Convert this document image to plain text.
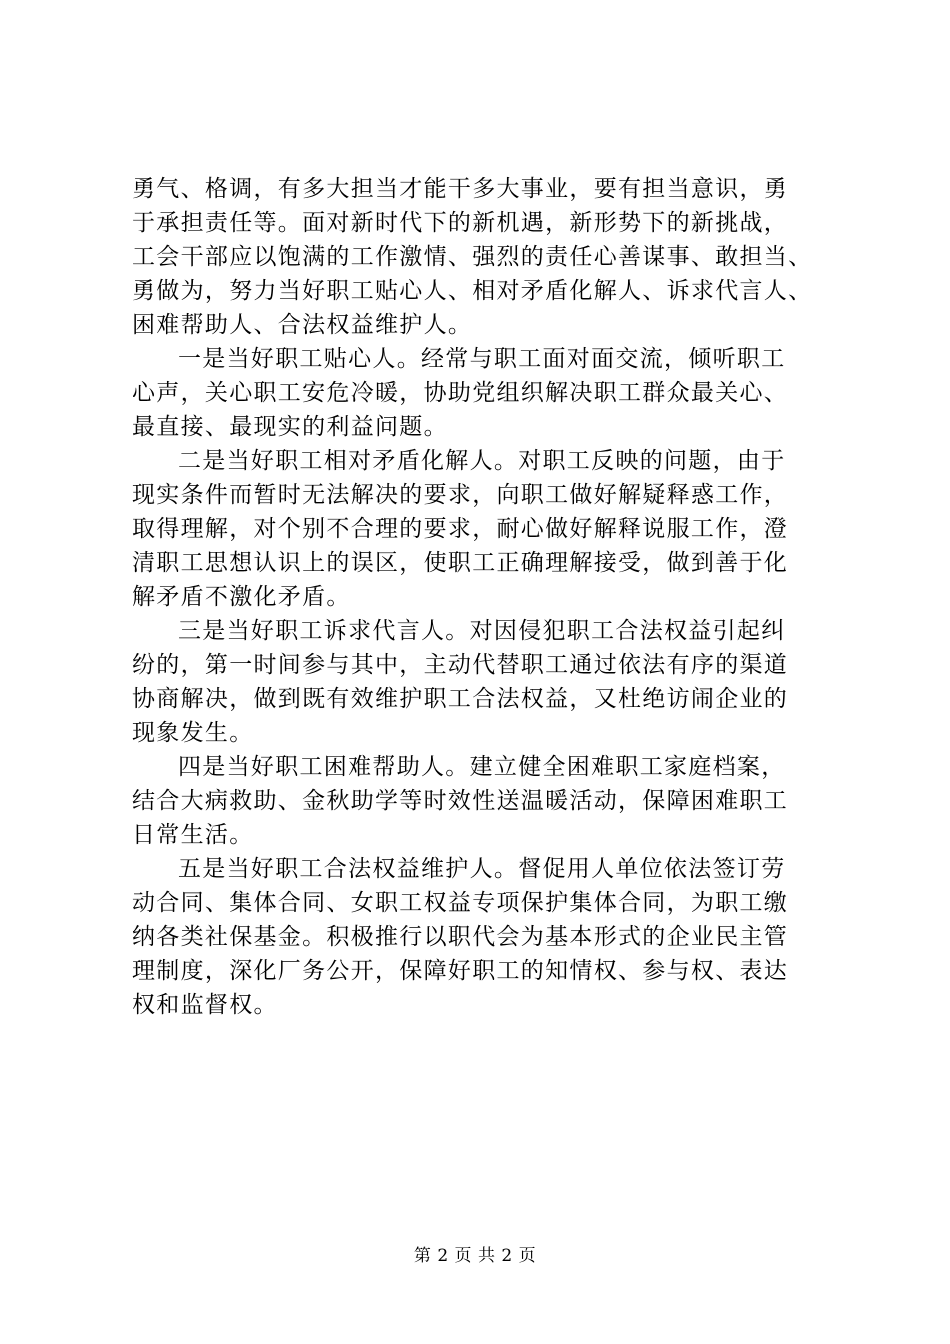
勇气、格调，有多大担当才能干多大事业，要有担当意识，勇
于承担责任等。面对新时代下的新机遇，新形势下的新挑战，
工会干部应以饱满的工作激情、强烈的责任心善谋事、敢担当、
勇做为，努力当好职工贴心人、相对矛盾化解人、诉求代言人、
困难帮助人、合法权益维护人。
一是当好职工贴心人。经常与职工面对面交流，倾听职工
心声，关心职工安危冷暖，协助党组织解决职工群众最关心、
最直接、最现实的利益问题。
二是当好职工相对矛盾化解人。对职工反映的问题，由于
现实条件而暂时无法解决的要求，向职工做好解疑释惑工作，
取得理解，对个别不合理的要求，耐心做好解释说服工作，澄
清职工思想认识上的误区，使职工正确理解接受，做到善于化
解矛盾不激化矛盾。
三是当好职工诉求代言人。对因侵犯职工合法权益引起纠
纷的，第一时间参与其中，主动代替职工通过依法有序的渠道
协商解决，做到既有效维护职工合法权益，又杜绝访闹企业的
现象发生。
四是当好职工困难帮助人。建立健全困难职工家庭档案，
结合大病救助、金秋助学等时效性送温暖活动，保障困难职工
日常生活。
五是当好职工合法权益维护人。督促用人单位依法签订劳
动合同、集体合同、女职工权益专项保护集体合同，为职工缴
纳各类社保基金。积极推行以职代会为基本形式的企业民主管
理制度，深化厂务公开，保障好职工的知情权、参与权、表达
权和监督权。
第 2 页 共 2 页
